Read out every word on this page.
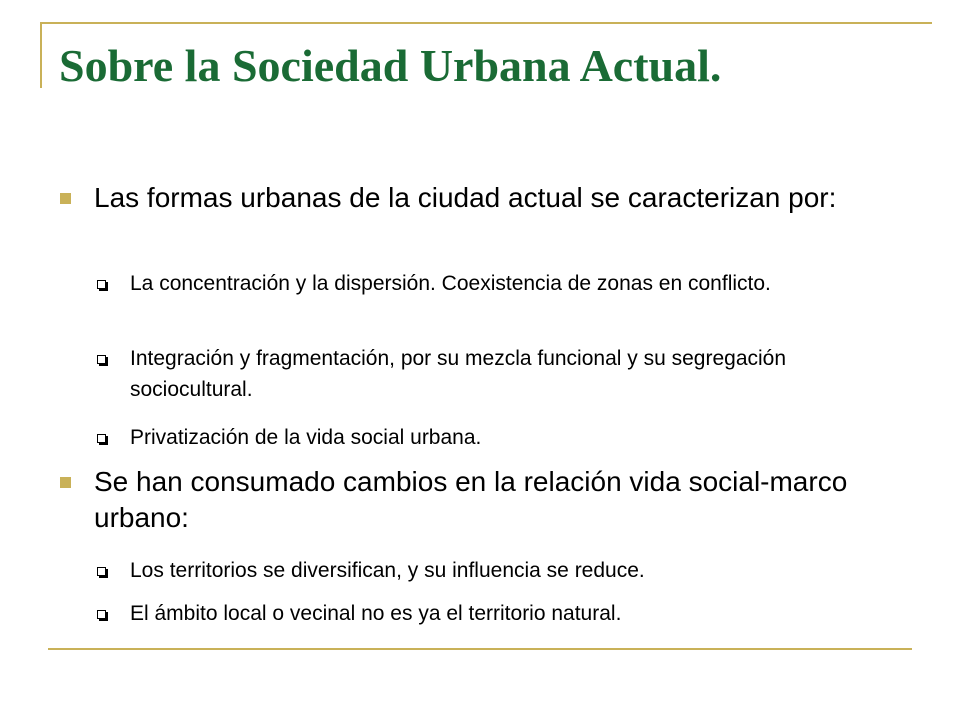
Sobre la Sociedad Urbana Actual.
Las formas urbanas de la ciudad actual se caracterizan por:
La concentración y la dispersión. Coexistencia de zonas en conflicto.
Integración y fragmentación, por su mezcla funcional y su segregación sociocultural.
Privatización de la vida social urbana.
Se han consumado cambios en la relación vida social-marco urbano:
Los territorios se diversifican, y su influencia se reduce.
El ámbito local o vecinal no es ya el territorio natural.
